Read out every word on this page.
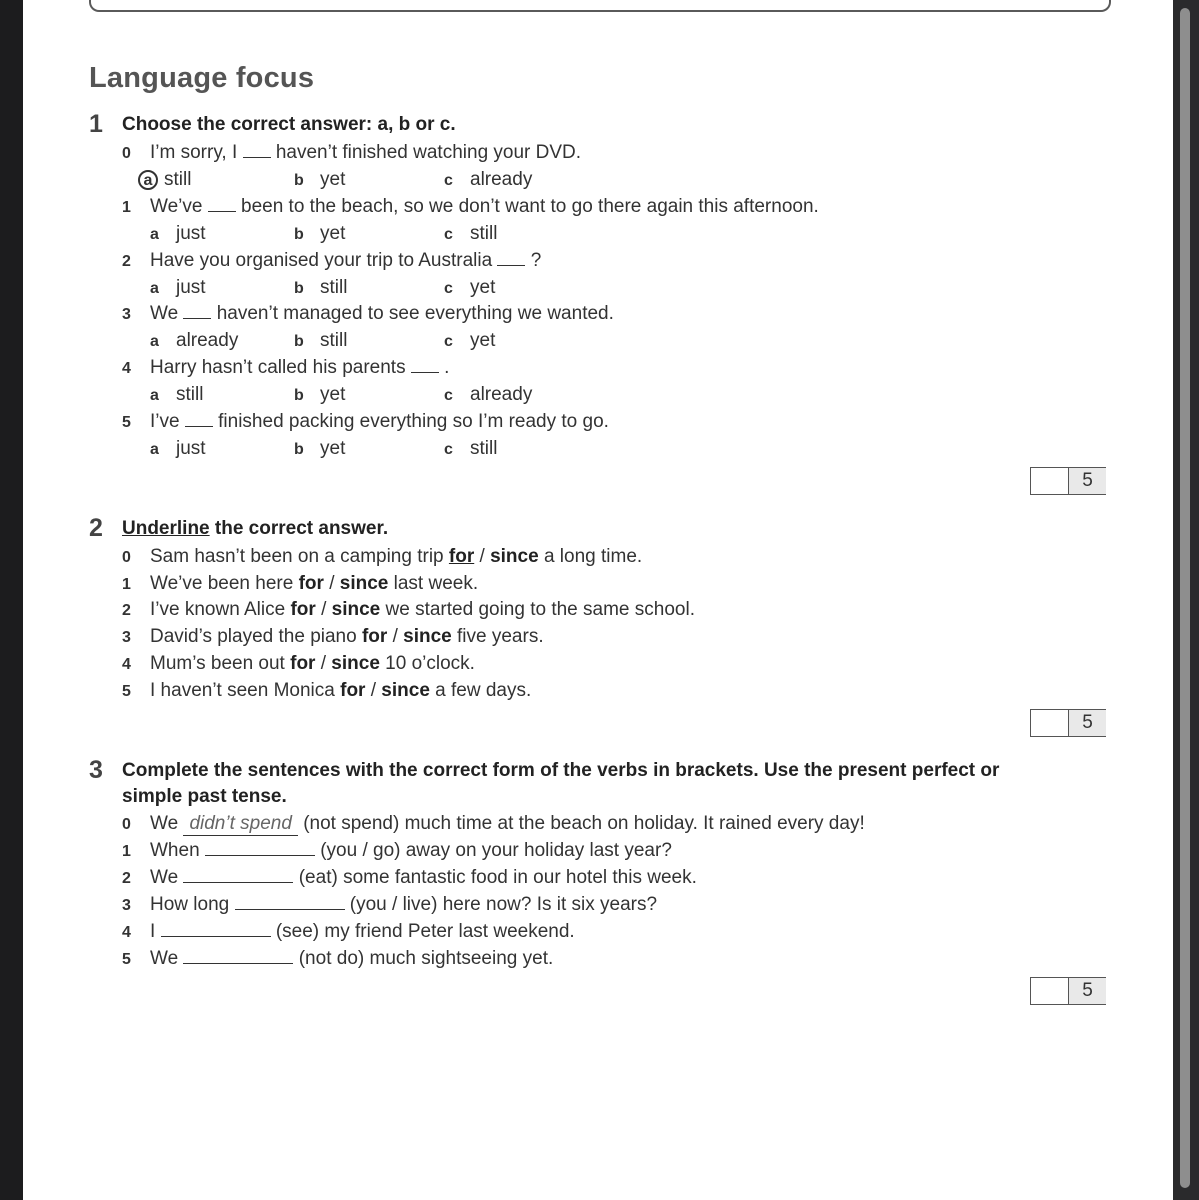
Language focus
1 Choose the correct answer: a, b or c.
0 I’m sorry, I haven’t finished watching your DVD.
a still	b yet	c already
1 We’ve been to the beach, so we don’t want to go there again this afternoon.
a just	b yet	c still
2 Have you organised your trip to Australia ?
a just	b still	c yet
3 We haven’t managed to see everything we wanted.
a already	b still	c yet
4 Harry hasn’t called his parents .
a still	b yet	c already
5 I’ve finished packing everything so I’m ready to go.
a just	b yet	c still
5
2 Underline the correct answer.
0 Sam hasn’t been on a camping trip for / since a long time.
1 We’ve been here for / since last week.
2 I’ve known Alice for / since we started going to the same school.
3 David’s played the piano for / since five years.
4 Mum’s been out for / since 10 o’clock.
5 I haven’t seen Monica for / since a few days.
5
3 Complete the sentences with the correct form of the verbs in brackets. Use the present perfect or
simple past tense.
0 We didn’t spend (not spend) much time at the beach on holiday. It rained every day!
1 When	(you / go) away on your holiday last year?
2 We	(eat) some fantastic food in our hotel this week.
3 How long	(you / live) here now? Is it six years?
4 I	(see) my friend Peter last weekend.
5 We	(not do) much sightseeing yet.
5
